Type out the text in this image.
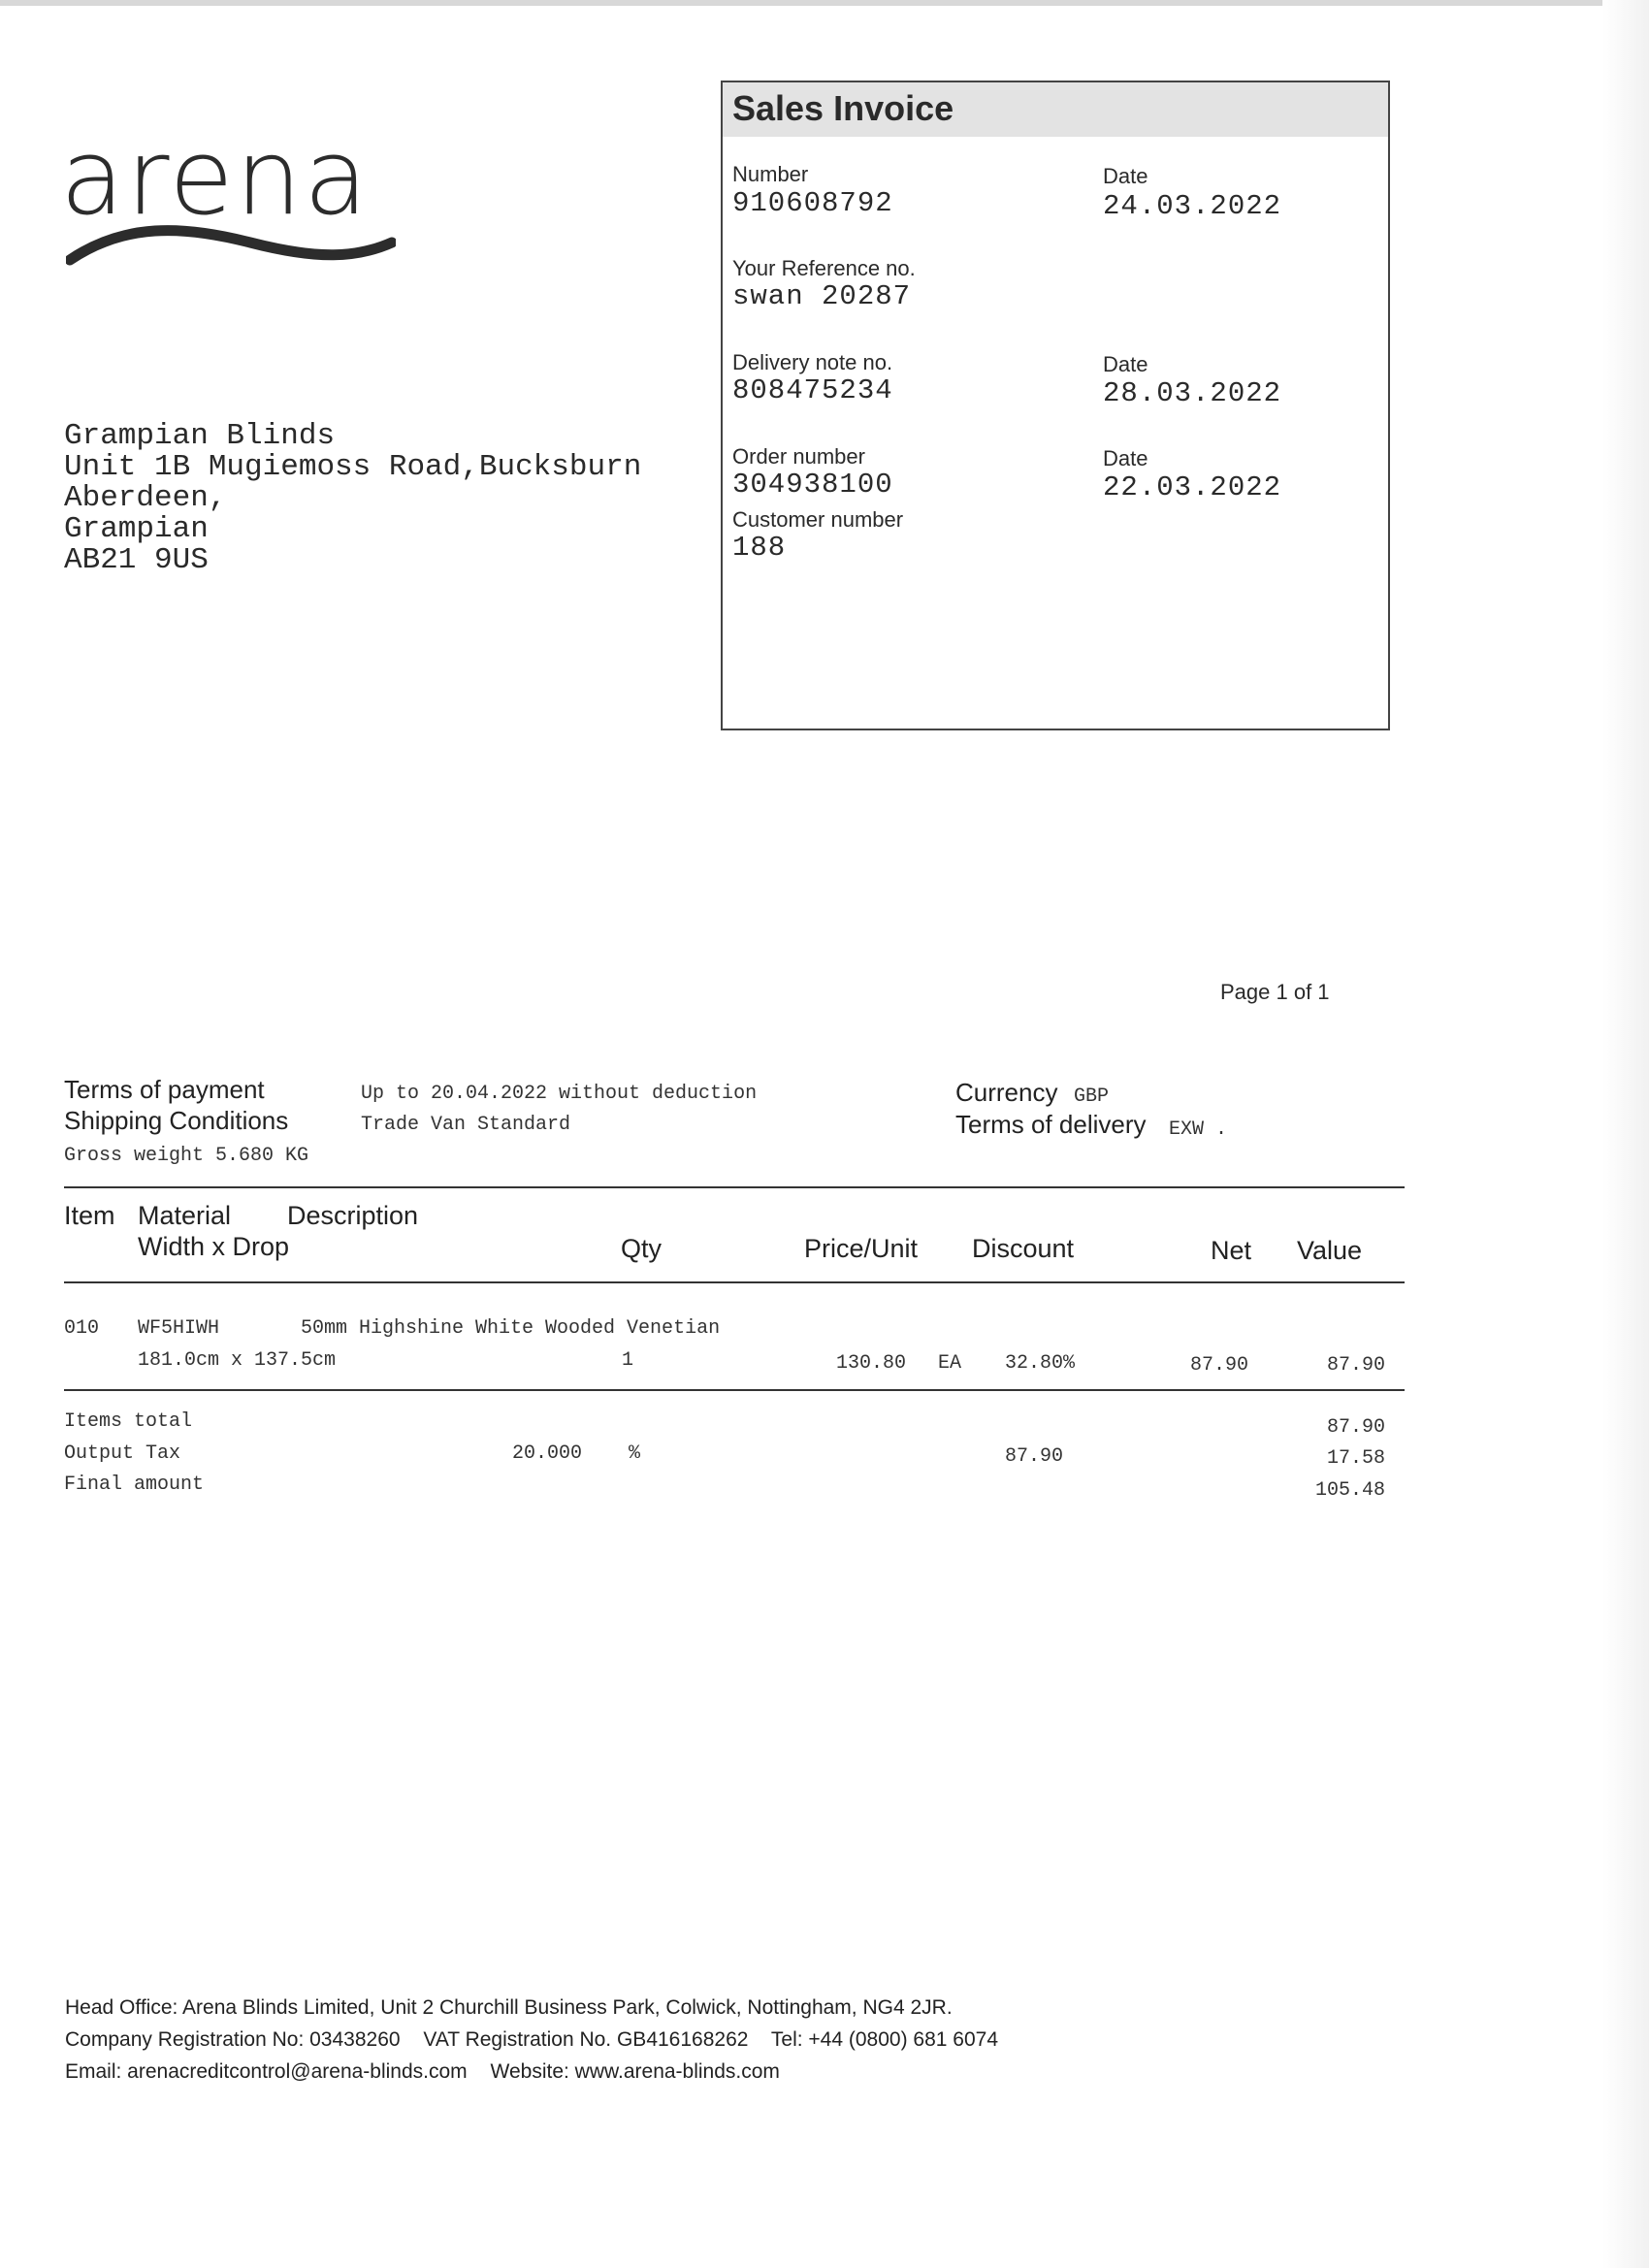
arena
Grampian Blinds
Unit 1B Mugiemoss Road,Bucksburn
Aberdeen,
Grampian
AB21 9US
Sales Invoice
Number
910608792
Date
24.03.2022
Your Reference no.
swan 20287
Delivery note no.
808475234
Date
28.03.2022
Order number
304938100
Date
22.03.2022
Customer number
188
Page 1 of 1
Terms of payment	Up to 20.04.2022 without deduction
Shipping Conditions	Trade Van Standard
Gross weight 5.680 KG
Currency GBP
Terms of delivery EXW .
Item Material Description
Width x Drop	Qty	Price/Unit Discount	Net Value
010 WF5HIWH	50mm Highshine White Wooded Venetian
181.0cm x 137.5cm	1	130.80 EA 32.80%	87.90	87.90
Items total	87.90
Output Tax	20.000 %	87.90	17.58
Final amount	105.48
Head Office: Arena Blinds Limited, Unit 2 Churchill Business Park, Colwick, Nottingham, NG4 2JR.
Company Registration No: 03438260 VAT Registration No. GB416168262 Tel: +44 (0800) 681 6074
Email: arenacreditcontrol@arena-blinds.com Website: www.arena-blinds.com
